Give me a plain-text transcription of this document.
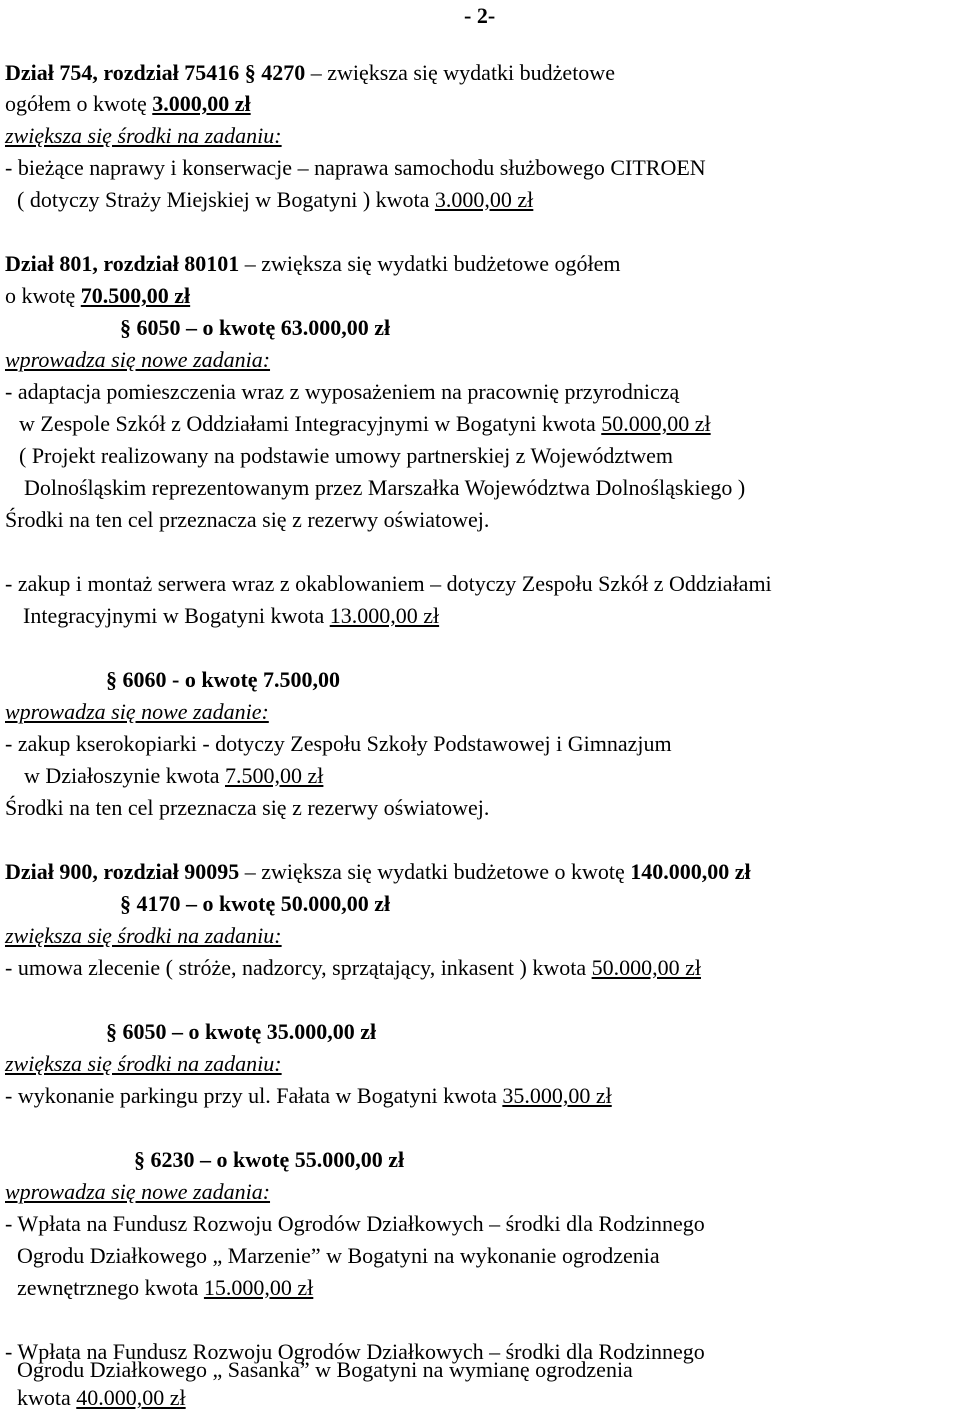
- 2-
Dział 754, rozdział 75416 § 4270 – zwiększa się wydatki budżetowe
ogółem o kwotę 3.000,00 zł
zwiększa się środki na zadaniu:
- bieżące naprawy i konserwacje – naprawa samochodu służbowego CITROEN
( dotyczy Straży Miejskiej w Bogatyni ) kwota 3.000,00 zł
Dział 801, rozdział 80101 – zwiększa się wydatki budżetowe ogółem
o kwotę 70.500,00 zł
§ 6050 – o kwotę 63.000,00 zł
wprowadza się nowe zadania:
- adaptacja pomieszczenia wraz z wyposażeniem na pracownię przyrodniczą
w Zespole Szkół z Oddziałami Integracyjnymi w Bogatyni kwota 50.000,00 zł
( Projekt realizowany na podstawie umowy partnerskiej z Województwem
Dolnośląskim reprezentowanym przez Marszałka Województwa Dolnośląskiego )
Środki na ten cel przeznacza się z rezerwy oświatowej.
- zakup i montaż serwera wraz z okablowaniem – dotyczy Zespołu Szkół z Oddziałami
Integracyjnymi w Bogatyni kwota 13.000,00 zł
§ 6060 - o kwotę 7.500,00
wprowadza się nowe zadanie:
- zakup kserokopiarki - dotyczy Zespołu Szkoły Podstawowej i Gimnazjum
w Działoszynie kwota 7.500,00 zł
Środki na ten cel przeznacza się z rezerwy oświatowej.
Dział 900, rozdział 90095 – zwiększa się wydatki budżetowe o kwotę 140.000,00 zł
§ 4170 – o kwotę 50.000,00 zł
zwiększa się środki na zadaniu:
- umowa zlecenie ( stróże, nadzorcy, sprzątający, inkasent ) kwota 50.000,00 zł
§ 6050 – o kwotę 35.000,00 zł
zwiększa się środki na zadaniu:
- wykonanie parkingu przy ul. Fałata w Bogatyni kwota 35.000,00 zł
§ 6230 – o kwotę 55.000,00 zł
wprowadza się nowe zadania:
- Wpłata na Fundusz Rozwoju Ogrodów Działkowych – środki dla Rodzinnego
Ogrodu Działkowego „ Marzenie” w Bogatyni na wykonanie ogrodzenia
zewnętrznego kwota 15.000,00 zł
- Wpłata na Fundusz Rozwoju Ogrodów Działkowych – środki dla Rodzinnego
Ogrodu Działkowego „ Sasanka” w Bogatyni na wymianę ogrodzenia
kwota 40.000,00 zł
